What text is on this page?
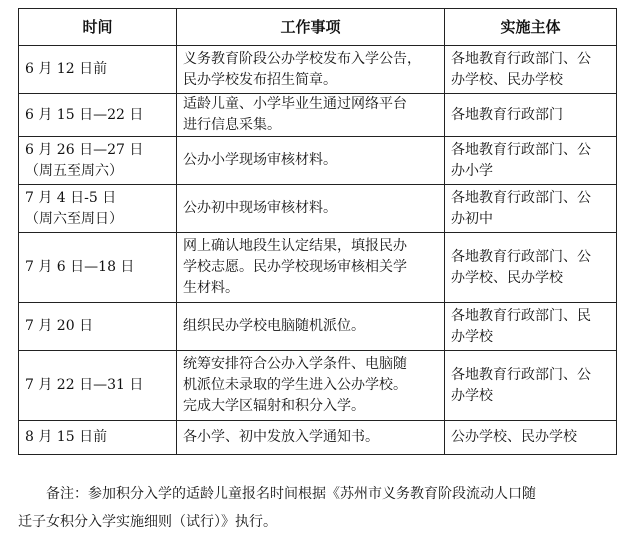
时间	工作事项	实施主体

6 月 12 日前	义务教育阶段公办学校发布入学公告，
民办学校发布招生简章。	各地教育行政部门、公
办学校、民办学校

6 月 15 日—22 日	适龄儿童、小学毕业生通过网络平台
进行信息采集。	各地教育行政部门

6 月 26 日—27 日
（周五至周六）	公办小学现场审核材料。	各地教育行政部门、公
办小学

7 月 4 日-5 日
（周六至周日）	公办初中现场审核材料。	各地教育行政部门、公
办初中

7 月 6 日—18 日	网上确认地段生认定结果，填报民办
学校志愿。民办学校现场审核相关学
生材料。	各地教育行政部门、公
办学校、民办学校

7 月 20 日	组织民办学校电脑随机派位。	各地教育行政部门、民
办学校

7 月 22 日—31 日	统筹安排符合公办入学条件、电脑随
机派位未录取的学生进入公办学校。
完成大学区辐射和积分入学。	各地教育行政部门、公
办学校

8 月 15 日前	各小学、初中发放入学通知书。	公办学校、民办学校
备注：参加积分入学的适龄儿童报名时间根据《苏州市义务教育阶段流动人口随
迁子女积分入学实施细则（试行）》执行。
